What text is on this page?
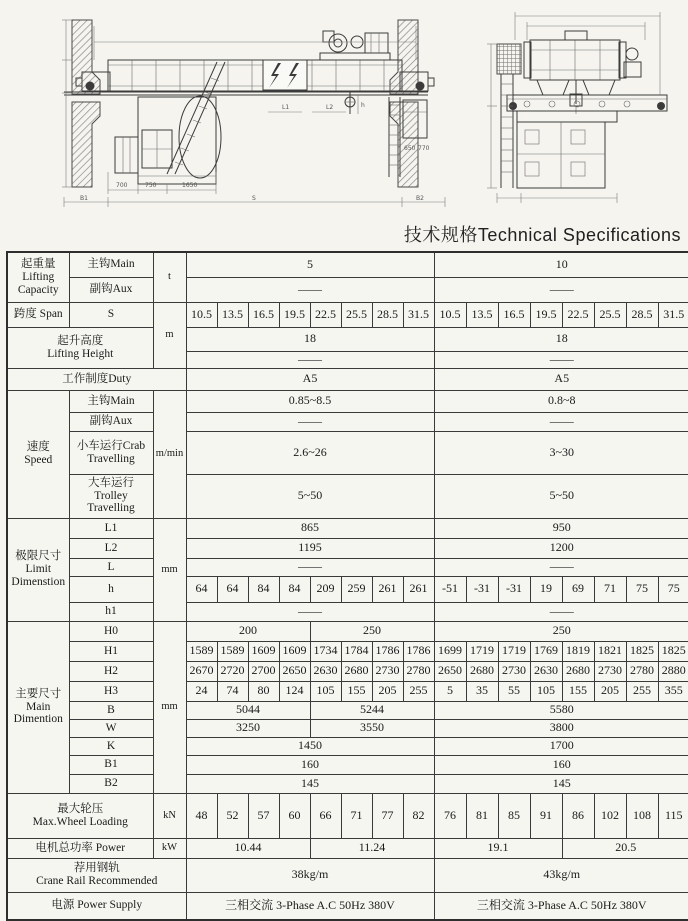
h
650 770
L1	L2
700	750	1650
B1	S	B2
技术规格Technical Specifications
起重量
Lifting
Capacity	主钩Main	t	5								10							
	副钩Aux		——								——							
跨度 Span	S	m	10.5	13.5	16.5	19.5	22.5	25.5	28.5	31.5	10.5	13.5	16.5	19.5	22.5	25.5	28.5	31.5

起升高度
Lifting Height			18								18							
			——								——							
工作制度Duty			A5								A5							

速度
Speed	主钩Main	m/min	0.85~8.5								0.8~8							
	副钩Aux		——								——							

	小车运行Crab
Travelling		2.6~26								3~30							

	大车运行
Trolley
Travelling		5~50								5~50							

极限尺寸
Limit
Dimenstion	L1	mm	865								950							
	L2		1195								1200							
	L		——								——							
	h		64	64	84	84	209	259	261	261	-51	-31	-31	19	69	71	75	75
	h1		——								——							

主要尺寸
Main
Dimention	H0	mm	200				250				250							
	H1		1589	1589	1609	1609	1734	1784	1786	1786	1699	1719	1719	1769	1819	1821	1825	1825
	H2		2670	2720	2700	2650	2630	2680	2730	2780	2650	2680	2730	2630	2680	2730	2780	2880
	H3		24	74	80	124	105	155	205	255	5	35	55	105	155	205	255	355
	B		5044				5244				5580							
	W		3250				3550				3800							
	K		1450								1700							
	B1		160								160							
	B2		145								145							

最大轮压
Max.Wheel Loading		kN	48	52	57	60	66	71	77	82	76	81	85	91	86	102	108	115
电机总功率 Power		kW	10.44				11.24				19.1				20.5			

荐用钢轨
Crane Rail Recommended			38kg/m								43kg/m							
电源 Power Supply			三相交流 3-Phase A.C 50Hz 380V								三相交流 3-Phase A.C 50Hz 380V							
